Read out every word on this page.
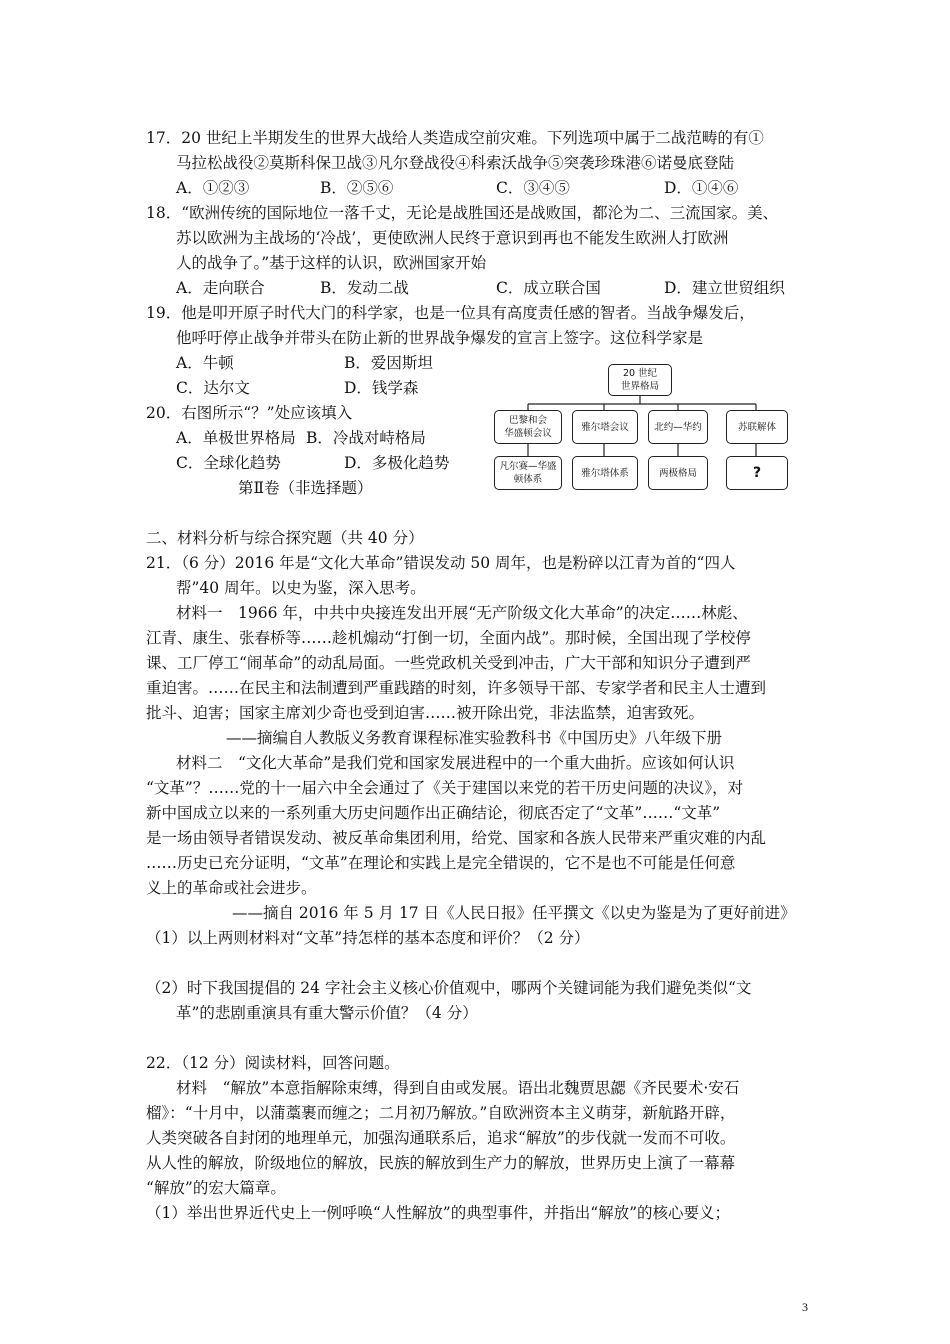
17．20 世纪上半期发生的世界大战给人类造成空前灾难。下列选项中属于二战范畴的有①
马拉松战役②莫斯科保卫战③凡尔登战役④科索沃战争⑤突袭珍珠港⑥诺曼底登陆
A．①②③	B．②⑤⑥	C．③④⑤	D．①④⑥
18．“欧洲传统的国际地位一落千丈，无论是战胜国还是战败国，都沦为二、三流国家。美、
苏以欧洲为主战场的‘冷战’，更使欧洲人民终于意识到再也不能发生欧洲人打欧洲
人的战争了。”基于这样的认识，欧洲国家开始
A．走向联合	B．发动二战	C．成立联合国	D．建立世贸组织
19．他是叩开原子时代大门的科学家，也是一位具有高度责任感的智者。当战争爆发后，
他呼吁停止战争并带头在防止新的世界战争爆发的宣言上签字。这位科学家是
A．牛顿	B．爱因斯坦
C．达尔文	D．钱学森
20．右图所示“？”处应该填入
A．单极世界格局 B．冷战对峙格局
C．全球化趋势	D．多极化趋势
20 世纪
世界格局
巴黎和会
华盛顿会议
雅尔塔会议	北约—华约	苏联解体
凡尔赛—华盛
顿体系
雅尔塔体系	两极格局	?
第Ⅱ卷（非选择题）
二、材料分析与综合探究题（共 40 分）
21．（6 分）2016 年是“文化大革命”错误发动 50 周年，也是粉碎以江青为首的“四人
帮”40 周年。以史为鉴，深入思考。
材料一　1966 年，中共中央接连发出开展“无产阶级文化大革命”的决定……林彪、
江青、康生、张春桥等……趁机煽动“打倒一切，全面内战”。那时候，全国出现了学校停
课、工厂停工“闹革命”的动乱局面。一些党政机关受到冲击，广大干部和知识分子遭到严
重迫害。……在民主和法制遭到严重践踏的时刻，许多领导干部、专家学者和民主人士遭到
批斗、迫害；国家主席刘少奇也受到迫害……被开除出党，非法监禁，迫害致死。
——摘编自人教版义务教育课程标准实验教科书《中国历史》八年级下册
材料二　“文化大革命”是我们党和国家发展进程中的一个重大曲折。应该如何认识
“文革”？……党的十一届六中全会通过了《关于建国以来党的若干历史问题的决议》，对
新中国成立以来的一系列重大历史问题作出正确结论，彻底否定了“文革”……“文革”
是一场由领导者错误发动、被反革命集团利用，给党、国家和各族人民带来严重灾难的内乱
……历史已充分证明，“文革”在理论和实践上是完全错误的，它不是也不可能是任何意
义上的革命或社会进步。
——摘自 2016 年 5 月 17 日《人民日报》任平撰文《以史为鉴是为了更好前进》
（1）以上两则材料对“文革”持怎样的基本态度和评价？（2 分）
（2）时下我国提倡的 24 字社会主义核心价值观中，哪两个关键词能为我们避免类似“文
革”的悲剧重演具有重大警示价值？（4 分）
22．（12 分）阅读材料，回答问题。
材料　“解放”本意指解除束缚，得到自由或发展。语出北魏贾思勰《齐民要术·安石
榴》：“十月中，以蒲藁裹而缠之；二月初乃解放。”自欧洲资本主义萌芽，新航路开辟，
人类突破各自封闭的地理单元，加强沟通联系后，追求“解放”的步伐就一发而不可收。
从人性的解放，阶级地位的解放，民族的解放到生产力的解放，世界历史上演了一幕幕
“解放”的宏大篇章。
（1）举出世界近代史上一例呼唤“人性解放”的典型事件，并指出“解放”的核心要义；
3
